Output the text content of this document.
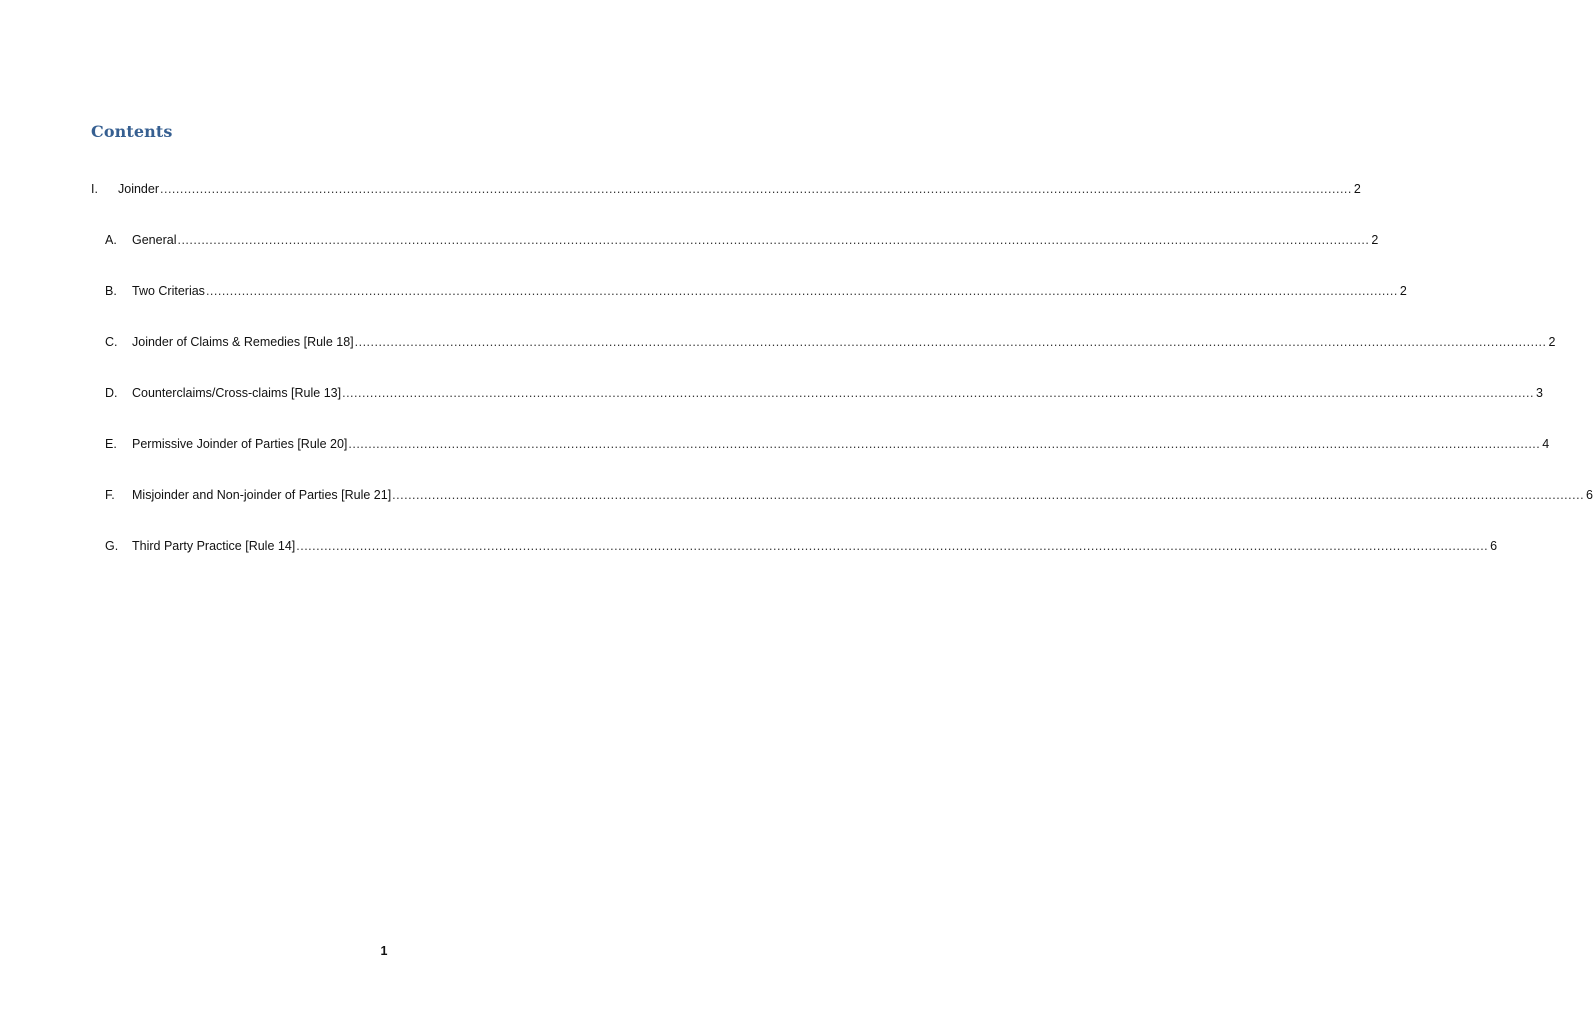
Contents
I. Joinder ............................................................................................................................................................................................................................................................................................................ 2
A. General ............................................................................................................................................................................................................................................................................................................ 2
B. Two Criterias ............................................................................................................................................................................................................................................................................................................ 2
C. Joinder of Claims & Remedies [Rule 18] ............................................................................................................................................................................................................................................................................................................ 2
D. Counterclaims/Cross-claims [Rule 13] ............................................................................................................................................................................................................................................................................................................ 3
E. Permissive Joinder of Parties [Rule 20] ............................................................................................................................................................................................................................................................................................................ 4
F. Misjoinder and Non-joinder of Parties [Rule 21] ............................................................................................................................................................................................................................................................................................................ 6
G. Third Party Practice [Rule 14] ............................................................................................................................................................................................................................................................................................................ 6
1
